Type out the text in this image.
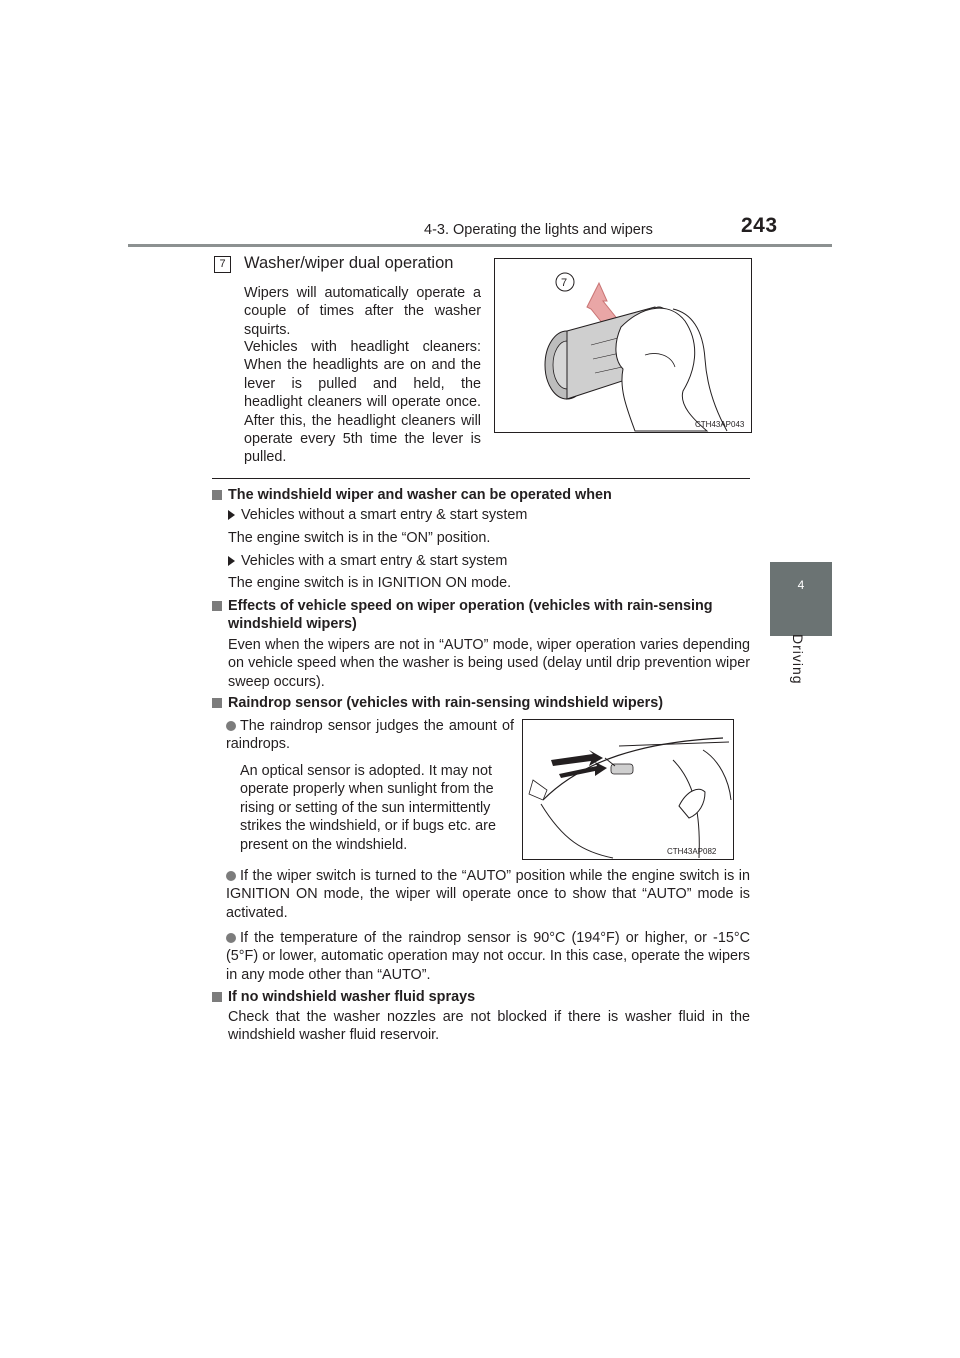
4-3. Operating the lights and wipers	243
4
Driving
7	Washer/wiper dual operation
Wipers will automatically operate a couple of times after the washer squirts.
Vehicles with headlight cleaners: When the headlights are on and the lever is pulled and held, the headlight cleaners will operate once. After this, the headlight cleaners will operate every 5th time the lever is pulled.
7
CTH43AP043
The windshield wiper and washer can be operated when
Vehicles without a smart entry & start system
The engine switch is in the “ON” position.
Vehicles with a smart entry & start system
The engine switch is in IGNITION ON mode.
Effects of vehicle speed on wiper operation (vehicles with rain-sensing
windshield wipers)
Even when the wipers are not in “AUTO” mode, wiper operation varies depending on vehicle speed when the washer is being used (delay until drip prevention wiper sweep occurs).
Raindrop sensor (vehicles with rain-sensing windshield wipers)
The raindrop sensor judges the amount of raindrops.
An optical sensor is adopted. It may not operate properly when sunlight from the rising or setting of the sun intermittently strikes the windshield, or if bugs etc. are present on the windshield.	CTH43AP082
If the wiper switch is turned to the “AUTO” position while the engine switch is in IGNITION ON mode, the wiper will operate once to show that “AUTO” mode is activated.
If the temperature of the raindrop sensor is 90°C (194°F) or higher, or -15°C (5°F) or lower, automatic operation may not occur. In this case, operate the wipers in any mode other than “AUTO”.
If no windshield washer fluid sprays
Check that the washer nozzles are not blocked if there is washer fluid in the windshield washer fluid reservoir.
